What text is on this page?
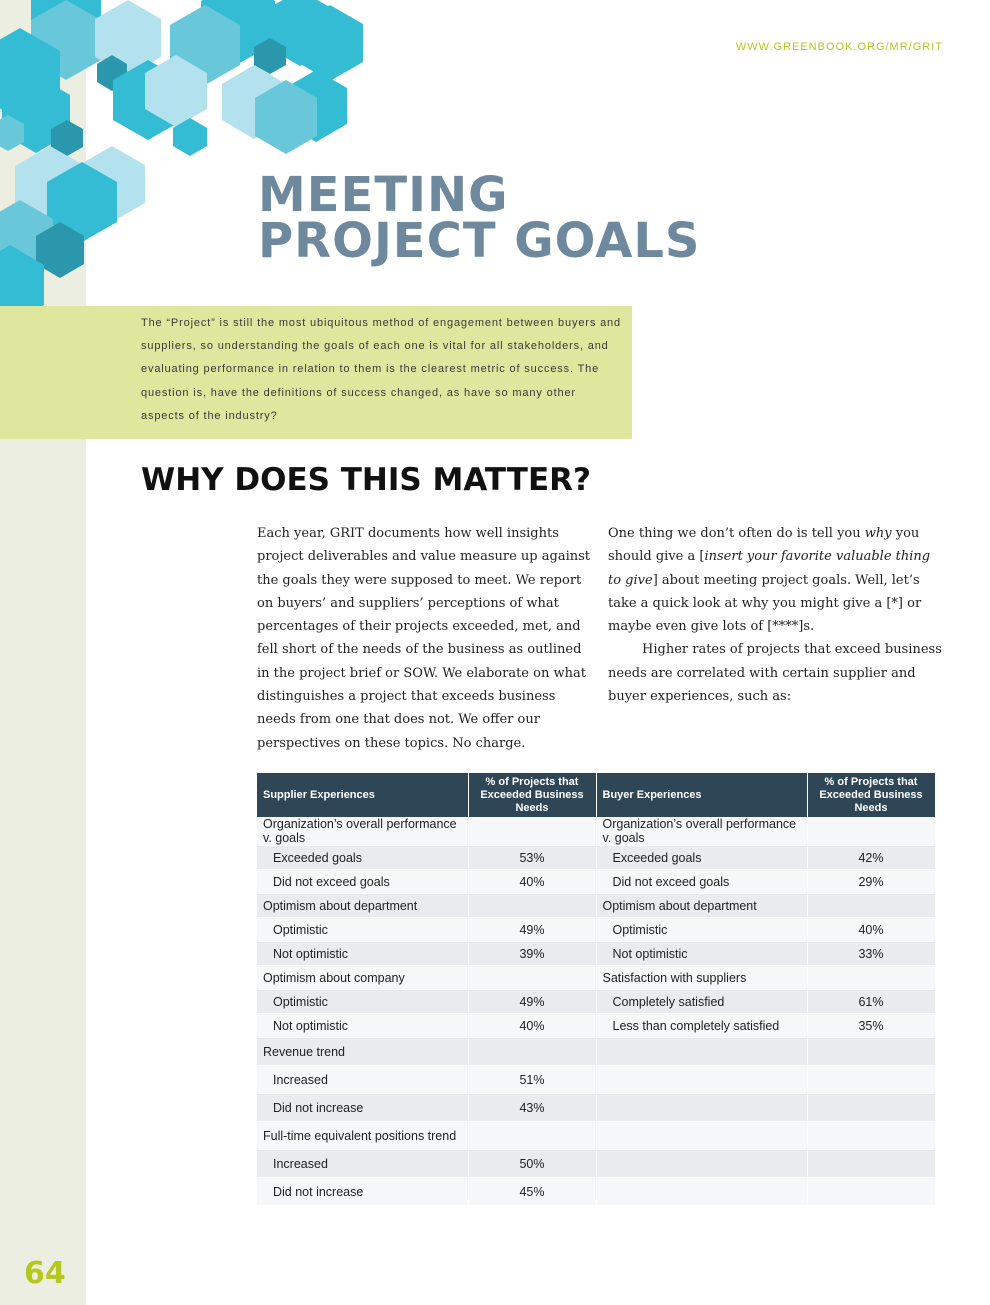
WWW.GREENBOOK.ORG/MR/GRIT
MEETING
PROJECT GOALS
The “Project” is still the most ubiquitous method of engagement between buyers and suppliers, so understanding the goals of each one is vital for all stakeholders, and evaluating performance in relation to them is the clearest metric of success. The question is, have the definitions of success changed, as have so many other aspects of the industry?
WHY DOES THIS MATTER?

Each year, GRIT documents how well insights project deliverables and value measure up against the goals they were supposed to meet. We report on buyers’ and suppliers’ perceptions of what percentages of their projects exceeded, met, and fell short of the needs of the business as outlined in the project brief or SOW. We elaborate on what distinguishes a project that exceeds business needs from one that does not. We offer our perspectives on these topics. No charge.

One thing we don’t often do is tell you why you should give a [insert your favorite valuable thing to give] about meeting project goals. Well, let’s take a quick look at why you might give a [*] or maybe even give lots of [****]s.

Higher rates of projects that exceed business needs are correlated with certain supplier and buyer experiences, such as:

Supplier Experiences	% of Projects that Exceeded Business Needs	Buyer Experiences	% of Projects that Exceeded Business Needs
Organization’s overall performance v. goals		Organization’s overall performance v. goals	
Exceeded goals	53%	Exceeded goals	42%
Did not exceed goals	40%	Did not exceed goals	29%
Optimism about department		Optimism about department	
Optimistic	49%	Optimistic	40%
Not optimistic	39%	Not optimistic	33%
Optimism about company		Satisfaction with suppliers	
Optimistic	49%	Completely satisfied	61%
Not optimistic	40%	Less than completely satisfied	35%
Revenue trend			
Increased	51%		
Did not increase	43%		
Full-time equivalent positions trend			
Increased	50%		
Did not increase	45%		
64
